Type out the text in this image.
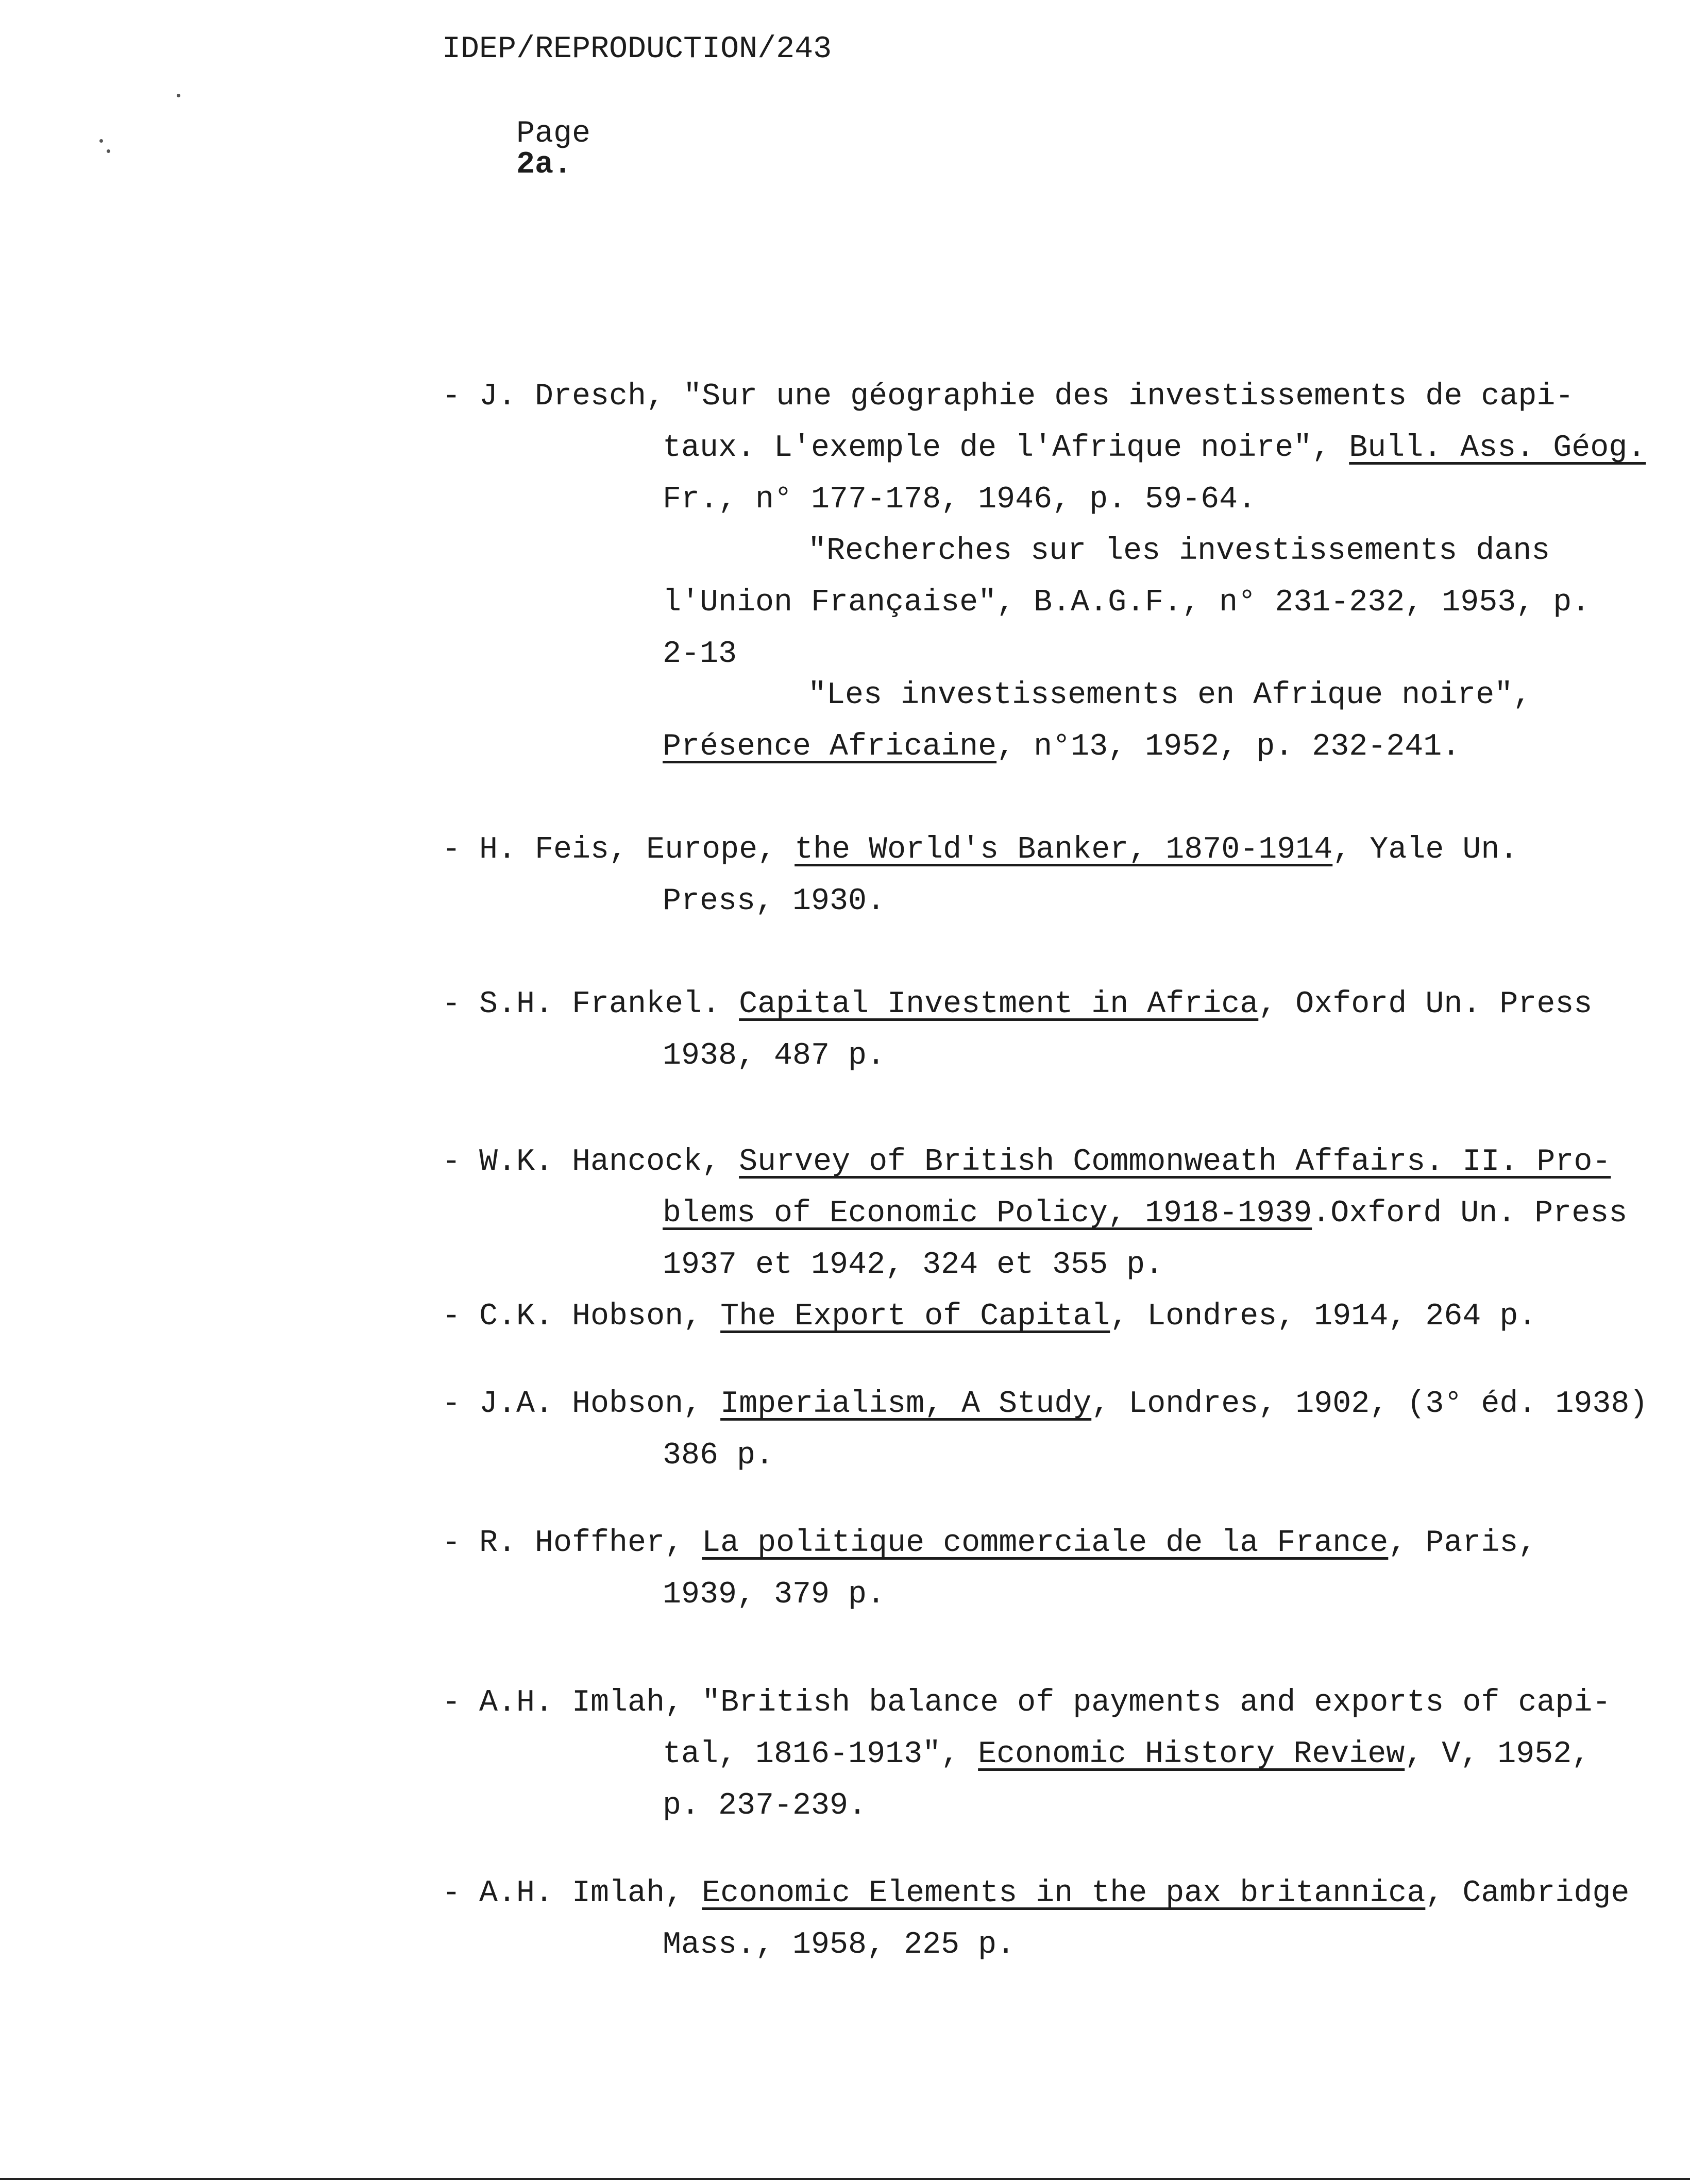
IDEP/REPRODUCTION/243

Page
2a.

- J. Dresch, "Sur une géographie des investissements de capi-
taux. L'exemple de l'Afrique noire", Bull. Ass. Géog.
Fr., n° 177-178, 1946, p. 59-64.
"Recherches sur les investissements dans
l'Union Française", B.A.G.F., n° 231-232, 1953, p.
2-13
"Les investissements en Afrique noire",
Présence Africaine, n°13, 1952, p. 232-241.
- H. Feis, Europe, the World's Banker, 1870-1914, Yale Un.
Press, 1930.
- S.H. Frankel. Capital Investment in Africa, Oxford Un. Press
1938, 487 p.
- W.K. Hancock, Survey of British Commonweath Affairs. II. Pro-
blems of Economic Policy, 1918-1939.Oxford Un. Press
1937 et 1942, 324 et 355 p.
- C.K. Hobson, The Export of Capital, Londres, 1914, 264 p.
- J.A. Hobson, Imperialism, A Study, Londres, 1902, (3° éd. 1938)
386 p.
- R. Hoffher, La politique commerciale de la France, Paris,
1939, 379 p.
- A.H. Imlah, "British balance of payments and exports of capi-
tal, 1816-1913", Economic History Review, V, 1952,
p. 237-239.
- A.H. Imlah, Economic Elements in the pax britannica, Cambridge
Mass., 1958, 225 p.
